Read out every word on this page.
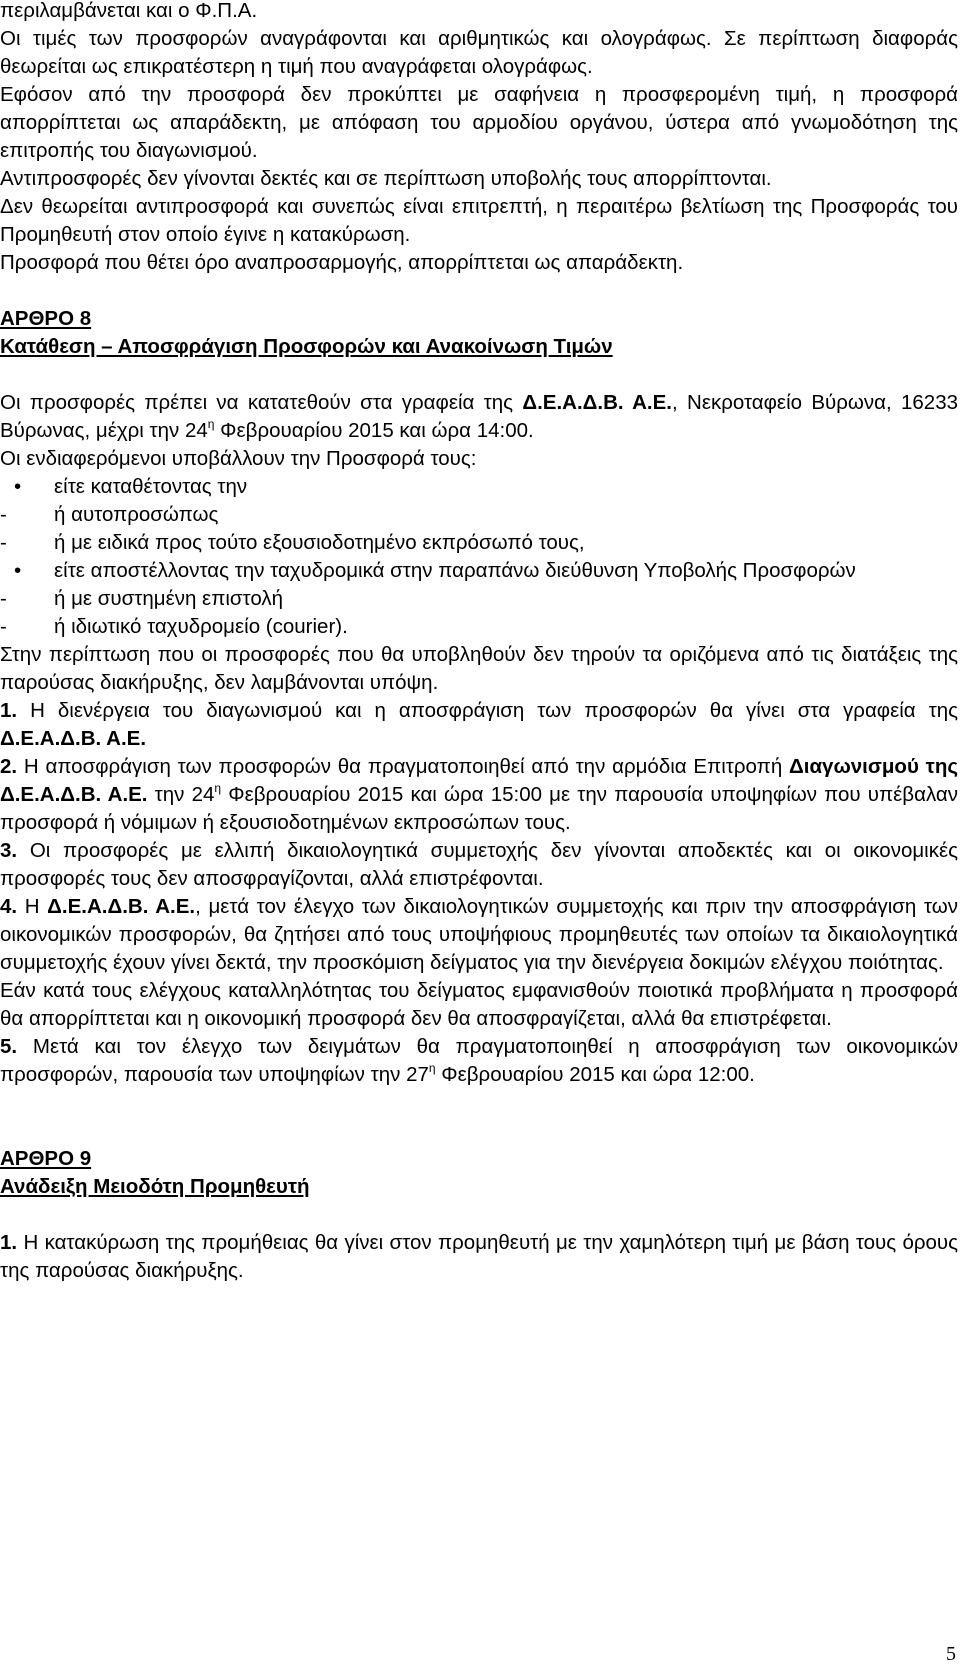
περιλαμβάνεται και ο Φ.Π.Α.

Οι τιμές των προσφορών αναγράφονται και αριθμητικώς και ολογράφως. Σε περίπτωση διαφοράς θεωρείται ως επικρατέστερη η τιμή που αναγράφεται ολογράφως.

Εφόσον από την προσφορά δεν προκύπτει με σαφήνεια η προσφερομένη τιμή, η προσφορά απορρίπτεται ως απαράδεκτη, με απόφαση του αρμοδίου οργάνου, ύστερα από γνωμοδότηση της επιτροπής του διαγωνισμού.

Αντιπροσφορές δεν γίνονται δεκτές και σε περίπτωση υποβολής τους απορρίπτονται.

Δεν θεωρείται αντιπροσφορά και συνεπώς είναι επιτρεπτή, η περαιτέρω βελτίωση της Προσφοράς του Προμηθευτή στον οποίο έγινε η κατακύρωση.

Προσφορά που θέτει όρο αναπροσαρμογής, απορρίπτεται ως απαράδεκτη.

ΑΡΘΡΟ 8

Κατάθεση – Αποσφράγιση Προσφορών και Ανακοίνωση Τιμών

Οι προσφορές πρέπει να κατατεθούν στα γραφεία της Δ.Ε.Α.Δ.Β. Α.Ε., Νεκροταφείο Βύρωνα, 16233 Βύρωνας, μέχρι την $24^\eta$ Φεβρουαρίου 2015 και ώρα 14:00.

Οι ενδιαφερόμενοι υποβάλλουν την Προσφορά τους:

• είτε καταθέτοντας την
- ή αυτοπροσώπως
- ή με ειδικά προς τούτο εξουσιοδοτημένο εκπρόσωπό τους,
• είτε αποστέλλοντας την ταχυδρομικά στην παραπάνω διεύθυνση Υποβολής Προσφορών
- ή με συστημένη επιστολή
- ή ιδιωτικό ταχυδρομείο (courier).

Στην περίπτωση που οι προσφορές που θα υποβληθούν δεν τηρούν τα οριζόμενα από τις διατάξεις της παρούσας διακήρυξης, δεν λαμβάνονται υπόψη.

1. Η διενέργεια του διαγωνισμού και η αποσφράγιση των προσφορών θα γίνει στα γραφεία της Δ.Ε.Α.Δ.Β. Α.Ε.

2. Η αποσφράγιση των προσφορών θα πραγματοποιηθεί από την αρμόδια Επιτροπή Διαγωνισμού της Δ.Ε.Α.Δ.Β. Α.Ε. την $24^\eta$ Φεβρουαρίου 2015 και ώρα 15:00 με την παρουσία υποψηφίων που υπέβαλαν προσφορά ή νόμιμων ή εξουσιοδοτημένων εκπροσώπων τους.

3. Οι προσφορές με ελλιπή δικαιολογητικά συμμετοχής δεν γίνονται αποδεκτές και οι οικονομικές προσφορές τους δεν αποσφραγίζονται, αλλά επιστρέφονται.

4. Η Δ.Ε.Α.Δ.Β. Α.Ε., μετά τον έλεγχο των δικαιολογητικών συμμετοχής και πριν την αποσφράγιση των οικονομικών προσφορών, θα ζητήσει από τους υποψήφιους προμηθευτές των οποίων τα δικαιολογητικά συμμετοχής έχουν γίνει δεκτά, την προσκόμιση δείγματος για την διενέργεια δοκιμών ελέγχου ποιότητας.

Εάν κατά τους ελέγχους καταλληλότητας του δείγματος εμφανισθούν ποιοτικά προβλήματα η προσφορά θα απορρίπτεται και η οικονομική προσφορά δεν θα αποσφραγίζεται, αλλά θα επιστρέφεται.

5. Μετά και τον έλεγχο των δειγμάτων θα πραγματοποιηθεί η αποσφράγιση των οικονομικών προσφορών, παρουσία των υποψηφίων την $27^\eta$ Φεβρουαρίου 2015 και ώρα 12:00.

ΑΡΘΡΟ 9

Ανάδειξη Μειοδότη Προμηθευτή

1. Η κατακύρωση της προμήθειας θα γίνει στον προμηθευτή με την χαμηλότερη τιμή με βάση τους όρους της παρούσας διακήρυξης.

5
